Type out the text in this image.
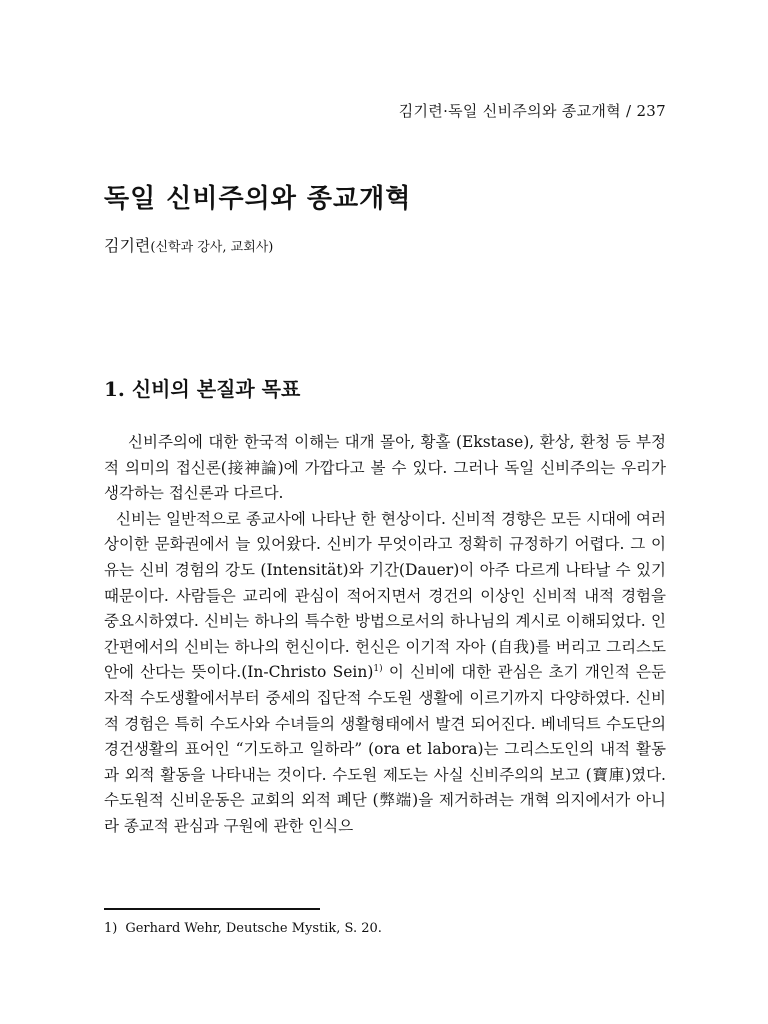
김기련·독일 신비주의와 종교개혁 / 237
독일 신비주의와 종교개혁
김기련(신학과 강사, 교회사)
1. 신비의 본질과 목표

신비주의에 대한 한국적 이해는 대개 몰아, 황홀 (Ekstase), 환상, 환청 등 부정적 의미의 접신론(接神論)에 가깝다고 볼 수 있다. 그러나 독일 신비주의는 우리가 생각하는 접신론과 다르다.

신비는 일반적으로 종교사에 나타난 한 현상이다. 신비적 경향은 모든 시대에 여러 상이한 문화권에서 늘 있어왔다. 신비가 무엇이라고 정확히 규정하기 어렵다. 그 이유는 신비 경험의 강도 (Intensität)와 기간(Dauer)이 아주 다르게 나타날 수 있기 때문이다. 사람들은 교리에 관심이 적어지면서 경건의 이상인 신비적 내적 경험을 중요시하였다. 신비는 하나의 특수한 방법으로서의 하나님의 계시로 이해되었다. 인간편에서의 신비는 하나의 헌신이다. 헌신은 이기적 자아 (自我)를 버리고 그리스도 안에 산다는 뜻이다.(In-Christo Sein)$^{1)}$ 이 신비에 대한 관심은 초기 개인적 은둔자적 수도생활에서부터 중세의 집단적 수도원 생활에 이르기까지 다양하였다. 신비적 경험은 특히 수도사와 수녀들의 생활형태에서 발견 되어진다. 베네딕트 수도단의 경건생활의 표어인 “기도하고 일하라” (ora et labora)는 그리스도인의 내적 활동과 외적 활동을 나타내는 것이다. 수도원 제도는 사실 신비주의의 보고 (寶庫)였다. 수도원적 신비운동은 교회의 외적 폐단 (弊端)을 제거하려는 개혁 의지에서가 아니라 종교적 관심과 구원에 관한 인식으

1) Gerhard Wehr, Deutsche Mystik, S. 20.
